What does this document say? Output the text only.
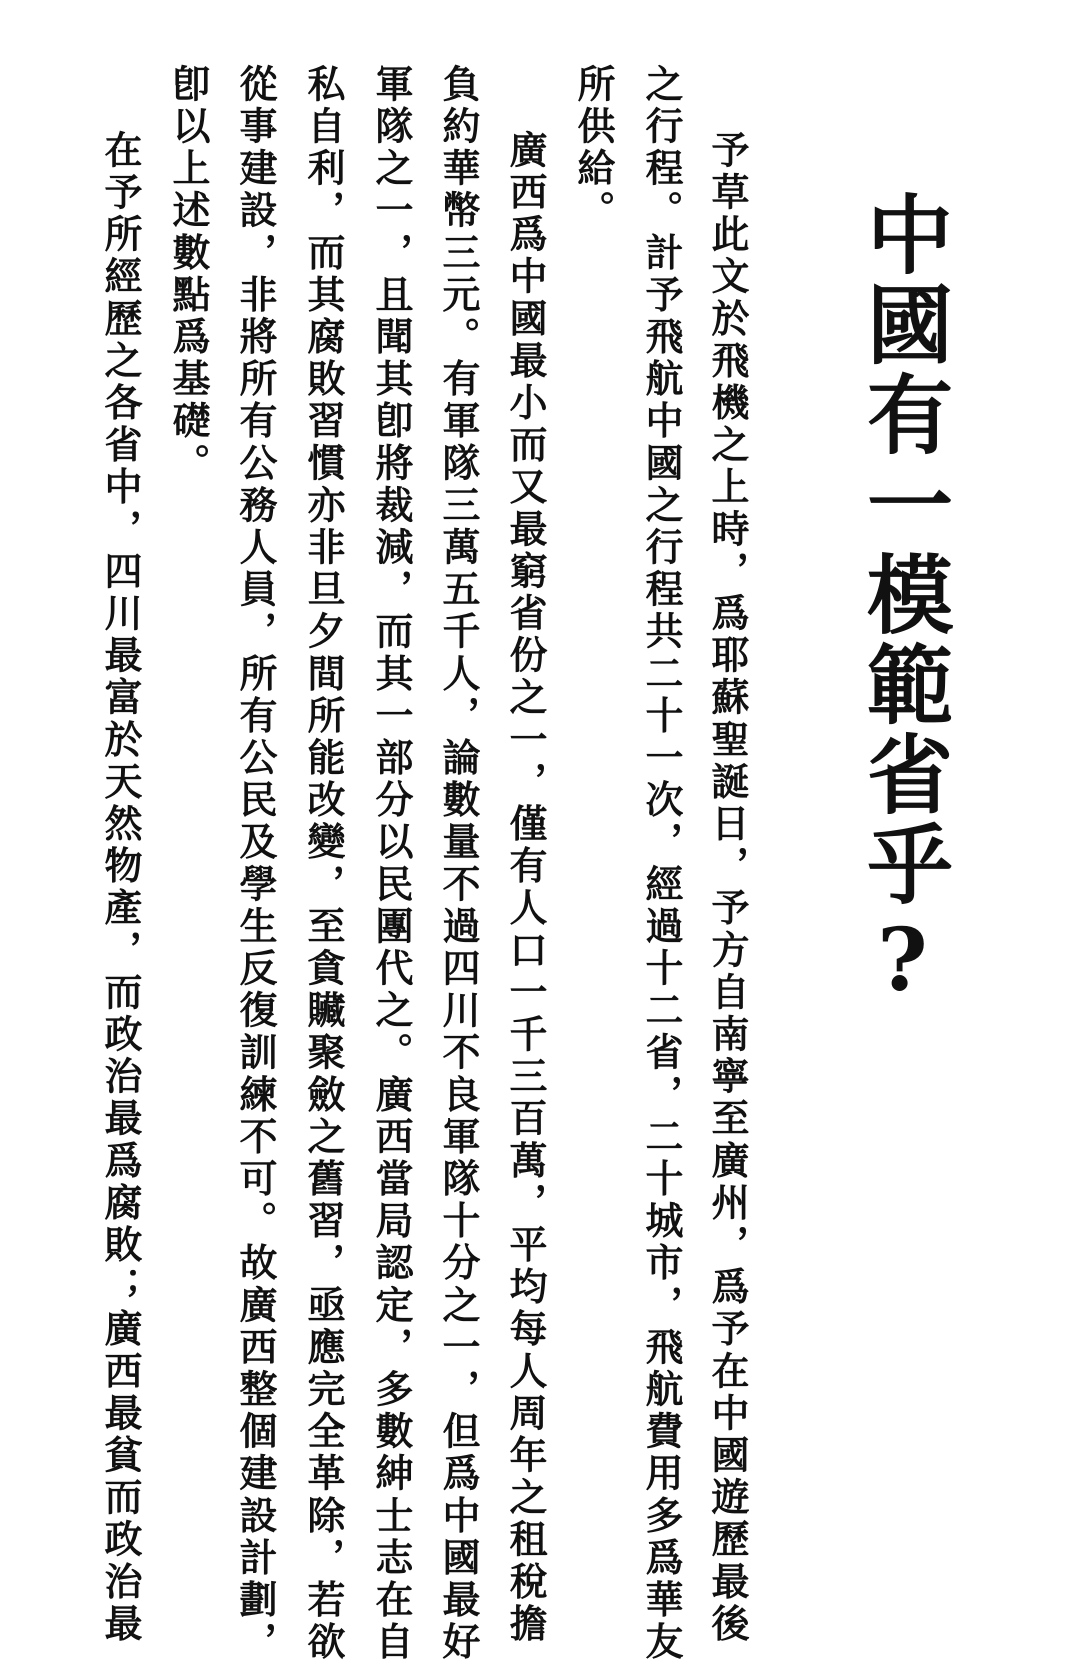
中國有一模範省乎?
予草此文於飛機之上時，爲耶蘇聖誕日，予方自南寧至廣州，爲予在中國遊歷最後
之行程。計予飛航中國之行程共二十一次，經過十二省，二十城市，飛航費用多爲華友
所供給。
廣西爲中國最小而又最窮省份之一，僅有人口一千三百萬，平均每人周年之租稅擔
負約華幣三元。有軍隊三萬五千人，論數量不過四川不良軍隊十分之一，但爲中國最好
軍隊之一，且聞其卽將裁減，而其一部分以民團代之。廣西當局認定，多數紳士志在自
私自利，而其腐敗習慣亦非旦夕間所能改變，至貪贜聚斂之舊習，亟應完全革除，若欲
從事建設，非將所有公務人員，所有公民及學生反復訓練不可。故廣西整個建設計劃，
卽以上述數點爲基礎。
在予所經歷之各省中，四川最富於天然物產，而政治最爲腐敗；廣西最貧而政治最
